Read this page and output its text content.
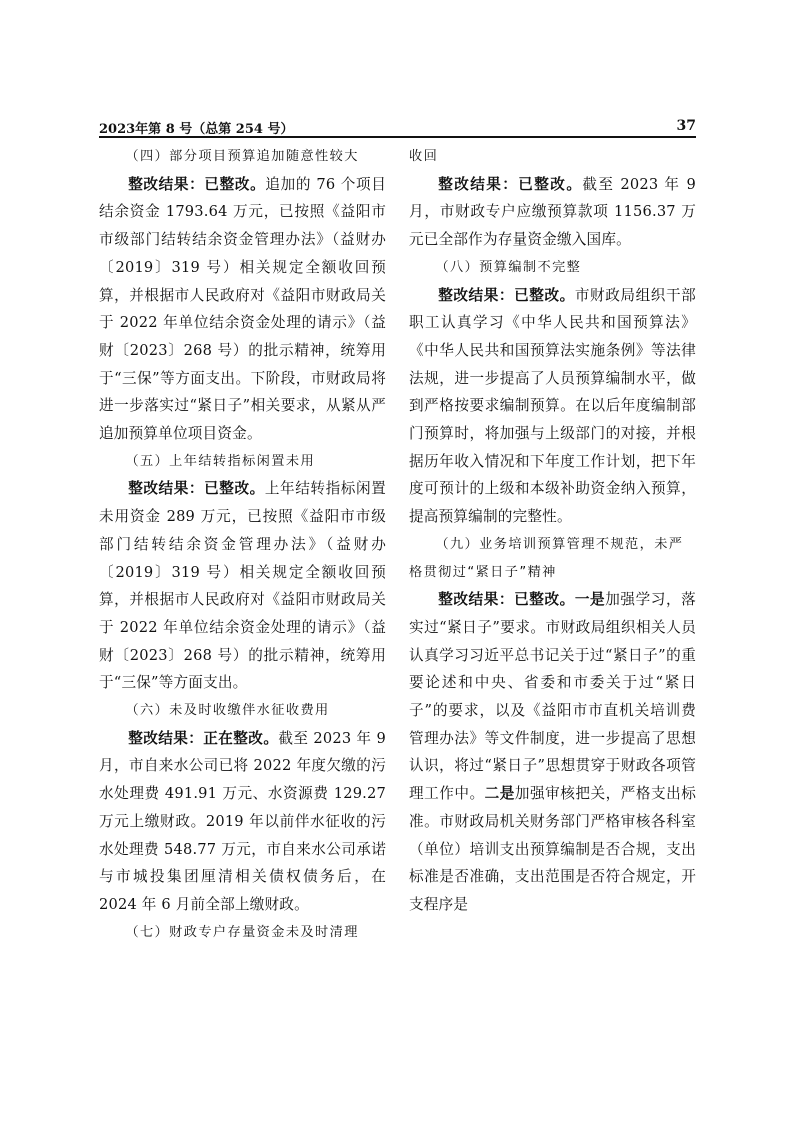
2023年第 8 号（总第 254 号）	37

（四）部分项目预算追加随意性较大

整改结果：已整改。追加的 76 个项目结余资金 1793.64 万元，已按照《益阳市市级部门结转结余资金管理办法》（益财办〔2019〕319 号）相关规定全额收回预算，并根据市人民政府对《益阳市财政局关于 2022 年单位结余资金处理的请示》（益财〔2023〕268 号）的批示精神，统筹用于“三保”等方面支出。下阶段，市财政局将进一步落实过“紧日子”相关要求，从紧从严追加预算单位项目资金。

（五）上年结转指标闲置未用

整改结果：已整改。上年结转指标闲置未用资金 289 万元，已按照《益阳市市级部门结转结余资金管理办法》（益财办〔2019〕319 号）相关规定全额收回预算，并根据市人民政府对《益阳市财政局关于 2022 年单位结余资金处理的请示》（益财〔2023〕268 号）的批示精神，统筹用于“三保”等方面支出。

（六）未及时收缴伴水征收费用

整改结果：正在整改。截至 2023 年 9 月，市自来水公司已将 2022 年度欠缴的污水处理费 491.91 万元、水资源费 129.27 万元上缴财政。2019 年以前伴水征收的污水处理费 548.77 万元，市自来水公司承诺与市城投集团厘清相关债权债务后，在 2024 年 6 月前全部上缴财政。

（七）财政专户存量资金未及时清理

收回

整改结果：已整改。截至 2023 年 9 月，市财政专户应缴预算款项 1156.37 万元已全部作为存量资金缴入国库。

（八）预算编制不完整

整改结果：已整改。市财政局组织干部职工认真学习《中华人民共和国预算法》《中华人民共和国预算法实施条例》等法律法规，进一步提高了人员预算编制水平，做到严格按要求编制预算。在以后年度编制部门预算时，将加强与上级部门的对接，并根据历年收入情况和下年度工作计划，把下年度可预计的上级和本级补助资金纳入预算，提高预算编制的完整性。

（九）业务培训预算管理不规范，未严格贯彻过“紧日子”精神

整改结果：已整改。一是加强学习，落实过“紧日子”要求。市财政局组织相关人员认真学习习近平总书记关于过“紧日子”的重要论述和中央、省委和市委关于过“紧日子”的要求，以及《益阳市市直机关培训费管理办法》等文件制度，进一步提高了思想认识，将过“紧日子”思想贯穿于财政各项管理工作中。二是加强审核把关，严格支出标准。市财政局机关财务部门严格审核各科室（单位）培训支出预算编制是否合规，支出标准是否准确，支出范围是否符合规定，开支程序是
